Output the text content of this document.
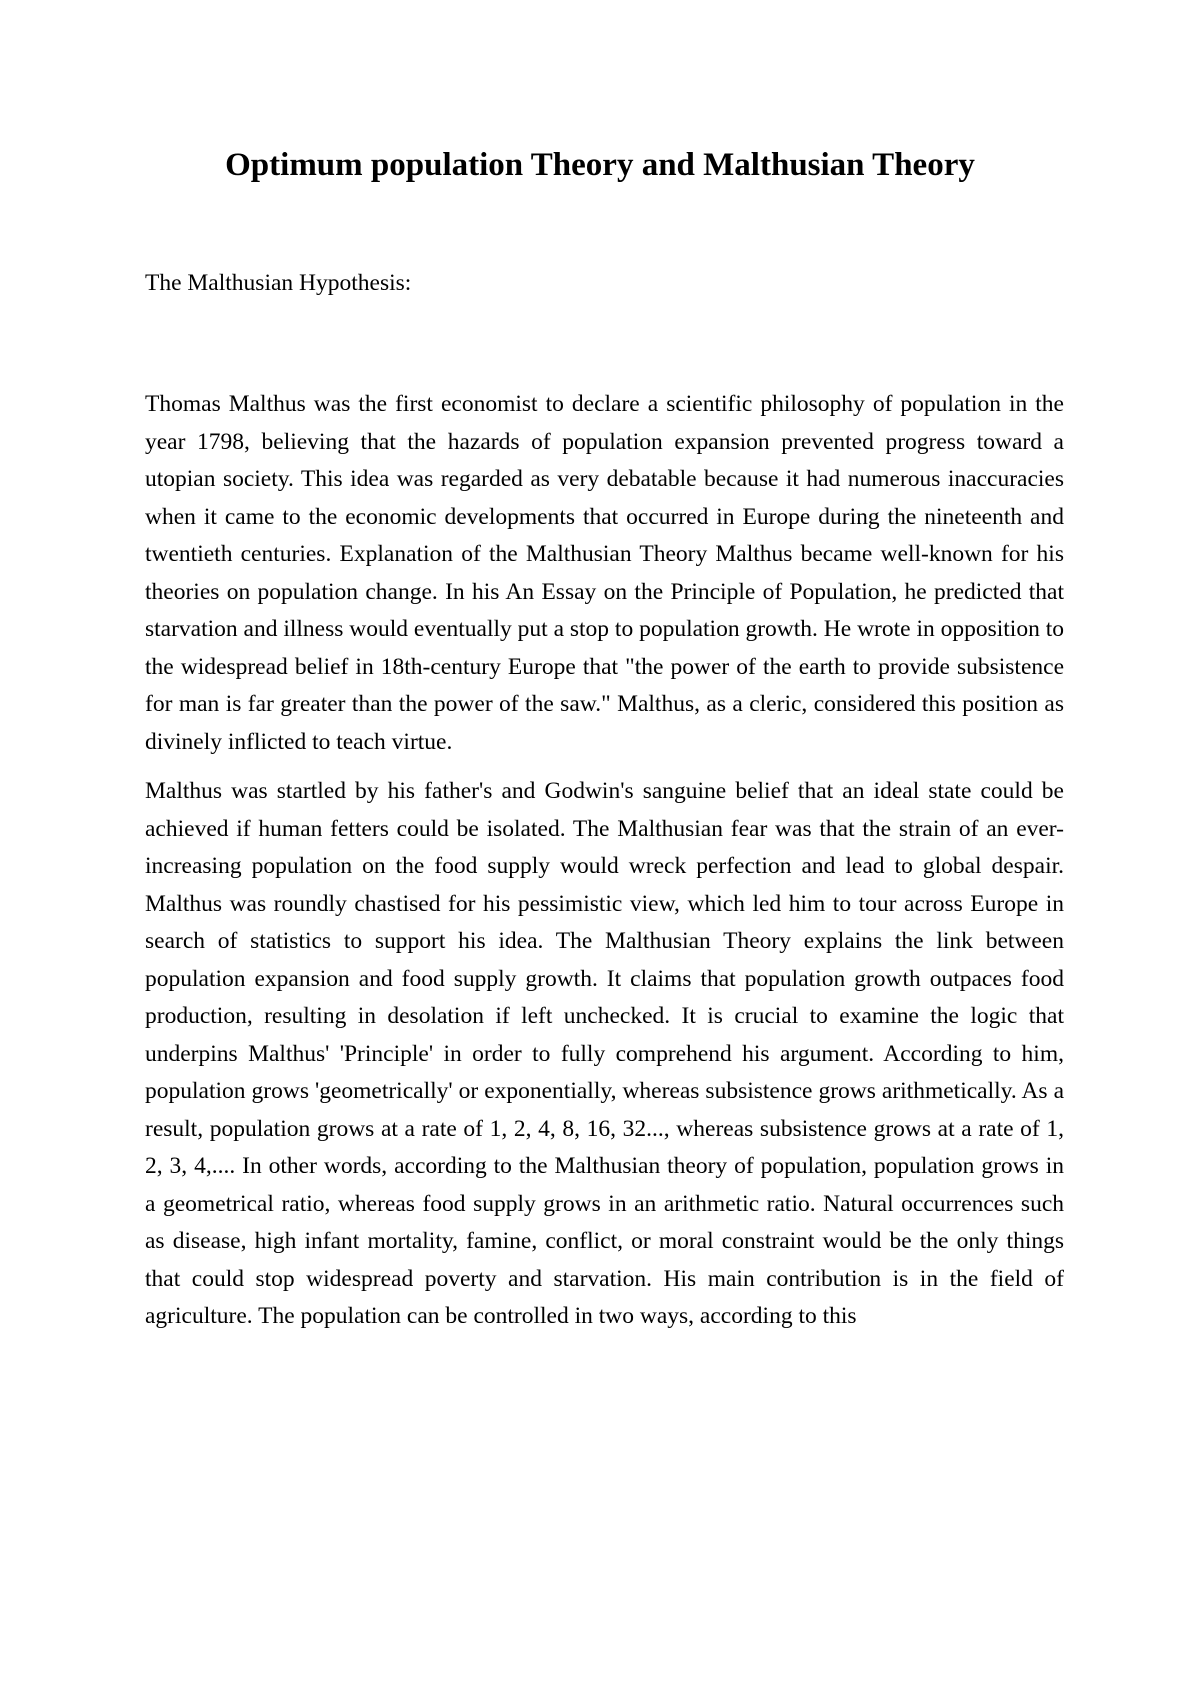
Optimum population Theory and Malthusian Theory

The Malthusian Hypothesis:

Thomas Malthus was the first economist to declare a scientific philosophy of population in the year 1798, believing that the hazards of population expansion prevented progress toward a utopian society. This idea was regarded as very debatable because it had numerous inaccuracies when it came to the economic developments that occurred in Europe during the nineteenth and twentieth centuries. Explanation of the Malthusian Theory Malthus became well-known for his theories on population change. In his An Essay on the Principle of Population, he predicted that starvation and illness would eventually put a stop to population growth. He wrote in opposition to the widespread belief in 18th-century Europe that "the power of the earth to provide subsistence for man is far greater than the power of the saw." Malthus, as a cleric, considered this position as divinely inflicted to teach virtue.

Malthus was startled by his father's and Godwin's sanguine belief that an ideal state could be achieved if human fetters could be isolated. The Malthusian fear was that the strain of an ever-increasing population on the food supply would wreck perfection and lead to global despair. Malthus was roundly chastised for his pessimistic view, which led him to tour across Europe in search of statistics to support his idea. The Malthusian Theory explains the link between population expansion and food supply growth. It claims that population growth outpaces food production, resulting in desolation if left unchecked. It is crucial to examine the logic that underpins Malthus' 'Principle' in order to fully comprehend his argument. According to him, population grows 'geometrically' or exponentially, whereas subsistence grows arithmetically. As a result, population grows at a rate of 1, 2, 4, 8, 16, 32..., whereas subsistence grows at a rate of 1, 2, 3, 4,.... In other words, according to the Malthusian theory of population, population grows in a geometrical ratio, whereas food supply grows in an arithmetic ratio. Natural occurrences such as disease, high infant mortality, famine, conflict, or moral constraint would be the only things that could stop widespread poverty and starvation. His main contribution is in the field of agriculture. The population can be controlled in two ways, according to this
